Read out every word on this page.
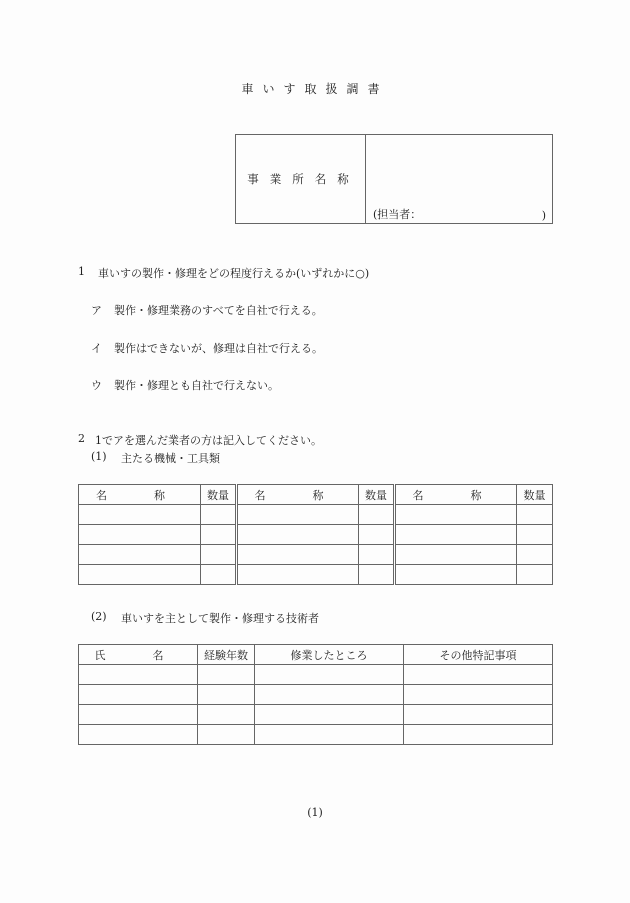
車いす取扱調書
事業所名称
(担当者：	)
1 車いすの製作・修理をどの程度行えるか(いずれかに○)
ア 製作・修理業務のすべてを自社で行える。
イ 製作はできないが、修理は自社で行える。
ウ 製作・修理とも自社で行えない。
2 1でアを選んだ業者の方は記入してください。
(1) 主たる機械・工具類
名　称	数量	名　称	数量	名　称	数量

(2) 車いすを主として製作・修理する技術者
氏　名	経験年数	修業したところ	その他特記事項

(1)
